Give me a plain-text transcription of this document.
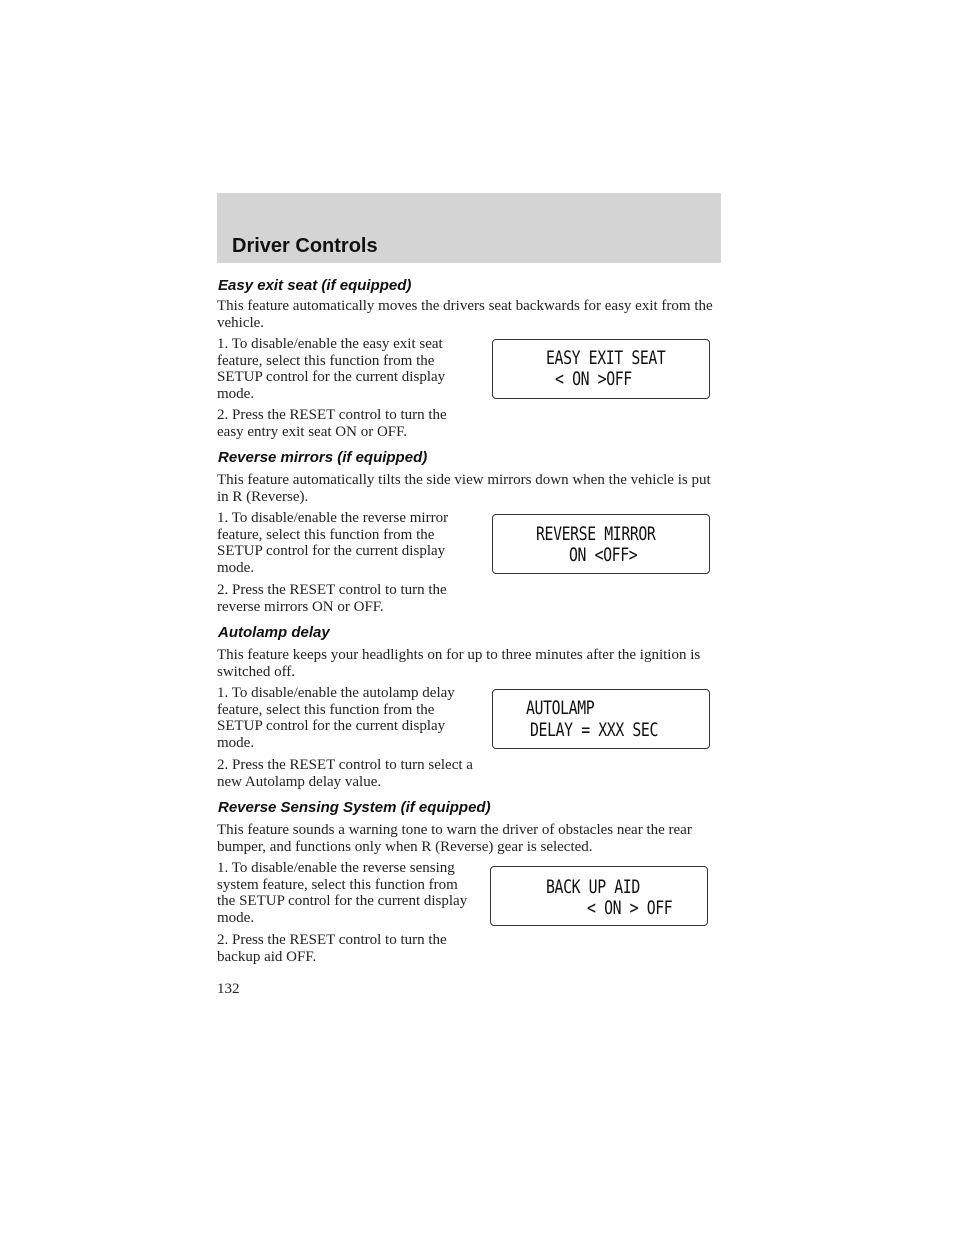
Driver Controls
Easy exit seat (if equipped)

This feature automatically moves the drivers seat backwards for easy exit from the vehicle.

1. To disable/enable the easy exit seat feature, select this function from the SETUP control for the current display mode.

2. Press the RESET control to turn the easy entry exit seat ON or OFF.

EASY EXIT SEAT
< ON >OFF
Reverse mirrors (if equipped)

This feature automatically tilts the side view mirrors down when the vehicle is put in R (Reverse).

1. To disable/enable the reverse mirror feature, select this function from the SETUP control for the current display mode.

2. Press the RESET control to turn the reverse mirrors ON or OFF.

REVERSE MIRROR
ON <OFF>
Autolamp delay

This feature keeps your headlights on for up to three minutes after the ignition is switched off.

1. To disable/enable the autolamp delay feature, select this function from the SETUP control for the current display mode.

2. Press the RESET control to turn select a new Autolamp delay value.

AUTOLAMP
DELAY = XXX SEC
Reverse Sensing System (if equipped)

This feature sounds a warning tone to warn the driver of obstacles near the rear bumper, and functions only when R (Reverse) gear is selected.

1. To disable/enable the reverse sensing system feature, select this function from the SETUP control for the current display mode.

2. Press the RESET control to turn the backup aid OFF.

BACK UP AID
< ON > OFF

132
